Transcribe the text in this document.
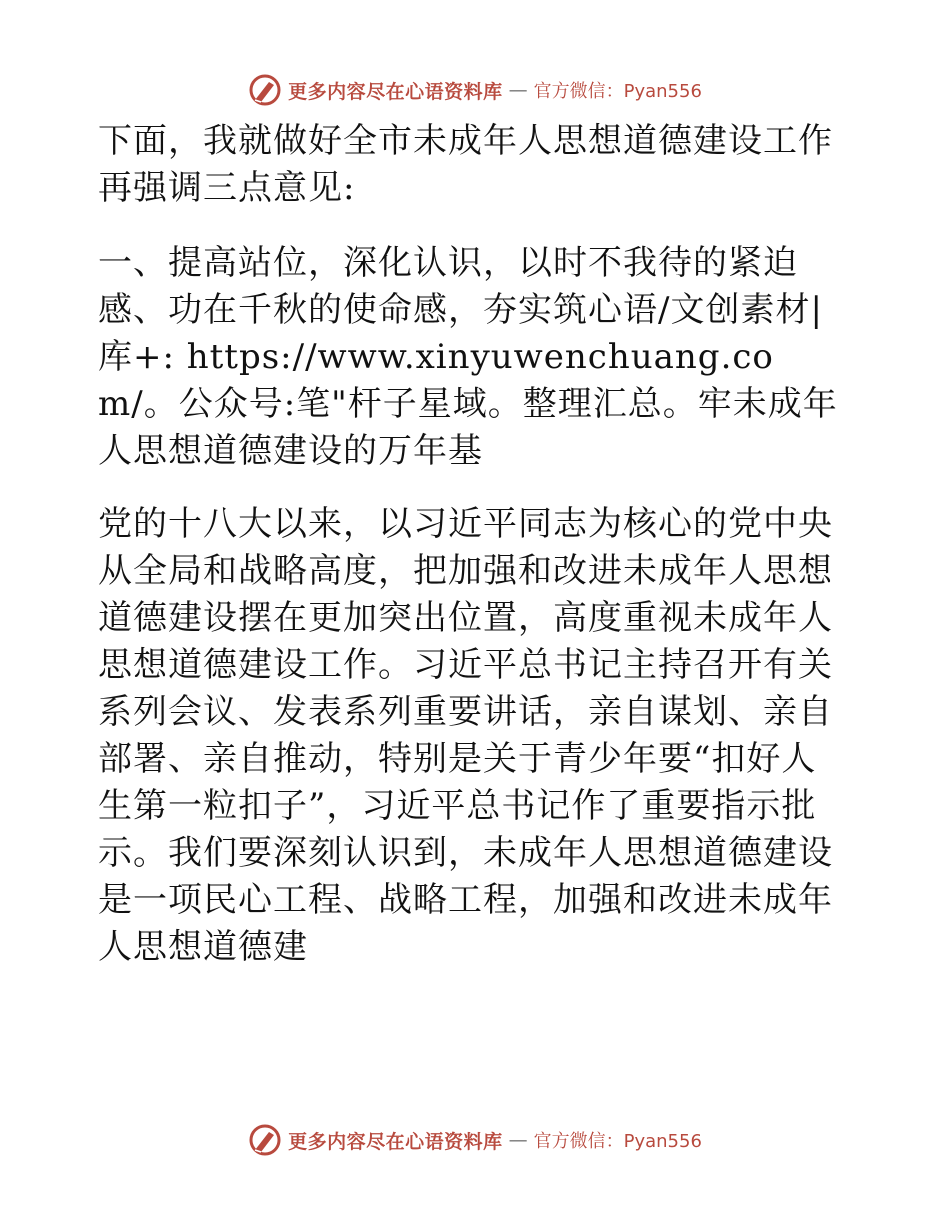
更多内容尽在心语资料库 — 官方微信：Pyan556

下面，我就做好全市未成年人思想道德建设工作再强调三点意见:

一、提高站位，深化认识，以时不我待的紧迫感、功在千秋的使命感，夯实筑心语/文创素材|库+: https://www.xinyuwenchuang.com/。公众号:笔"杆子星域。整理汇总。牢未成年人思想道德建设的万年基

党的十八大以来，以习近平同志为核心的党中央从全局和战略高度，把加强和改进未成年人思想道德建设摆在更加突出位置，高度重视未成年人思想道德建设工作。习近平总书记主持召开有关系列会议、发表系列重要讲话，亲自谋划、亲自部署、亲自推动，特别是关于青少年要“扣好人生第一粒扣子”，习近平总书记作了重要指示批示。我们要深刻认识到，未成年人思想道德建设是一项民心工程、战略工程，加强和改进未成年人思想道德建

更多内容尽在心语资料库 — 官方微信：Pyan556
